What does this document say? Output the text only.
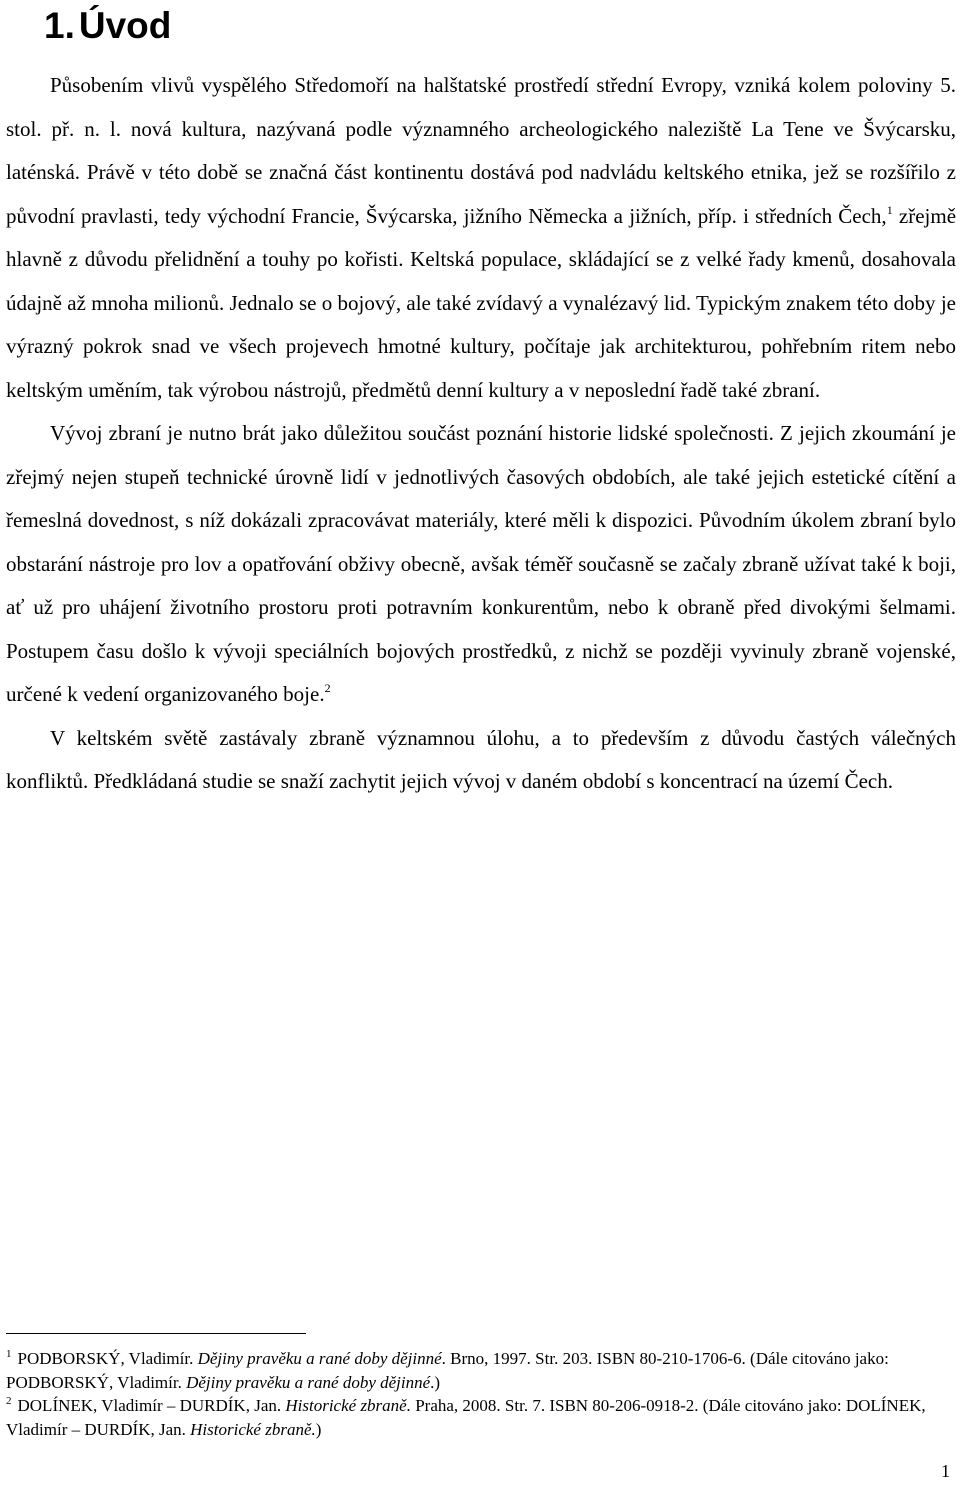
1. Úvod

Působením vlivů vyspělého Středomoří na halštatské prostředí střední Evropy, vzniká kolem poloviny 5. stol. př. n. l. nová kultura, nazývaná podle významného archeologického naleziště La Tene ve Švýcarsku, laténská. Právě v této době se značná část kontinentu dostává pod nadvládu keltského etnika, jež se rozšířilo z původní pravlasti, tedy východní Francie, Švýcarska, jižního Německa a jižních, příp. i středních Čech,$^1$ zřejmě hlavně z důvodu přelidnění a touhy po kořisti. Keltská populace, skládající se z velké řady kmenů, dosahovala údajně až mnoha milionů. Jednalo se o bojový, ale také zvídavý a vynalézavý lid. Typickým znakem této doby je výrazný pokrok snad ve všech projevech hmotné kultury, počítaje jak architekturou, pohřebním ritem nebo keltským uměním, tak výrobou nástrojů, předmětů denní kultury a v neposlední řadě také zbraní.

Vývoj zbraní je nutno brát jako důležitou součást poznání historie lidské společnosti. Z jejich zkoumání je zřejmý nejen stupeň technické úrovně lidí v jednotlivých časových obdobích, ale také jejich estetické cítění a řemeslná dovednost, s níž dokázali zpracovávat materiály, které měli k dispozici. Původním úkolem zbraní bylo obstarání nástroje pro lov a opatřování obživy obecně, avšak téměř současně se začaly zbraně užívat také k boji, ať už pro uhájení životního prostoru proti potravním konkurentům, nebo k obraně před divokými šelmami. Postupem času došlo k vývoji speciálních bojových prostředků, z nichž se později vyvinuly zbraně vojenské, určené k vedení organizovaného boje.$^2$

V keltském světě zastávaly zbraně významnou úlohu, a to především z důvodu častých válečných konfliktů. Předkládaná studie se snaží zachytit jejich vývoj v daném období s koncentrací na území Čech.

$^1$ PODBORSKÝ, Vladimír. Dějiny pravěku a rané doby dějinné. Brno, 1997. Str. 203. ISBN 80-210-1706-6. (Dále citováno jako: PODBORSKÝ, Vladimír. Dějiny pravěku a rané doby dějinné.)

$^2$ DOLÍNEK, Vladimír – DURDÍK, Jan. Historické zbraně. Praha, 2008. Str. 7. ISBN 80-206-0918-2. (Dále citováno jako: DOLÍNEK, Vladimír – DURDÍK, Jan. Historické zbraně.)

1
